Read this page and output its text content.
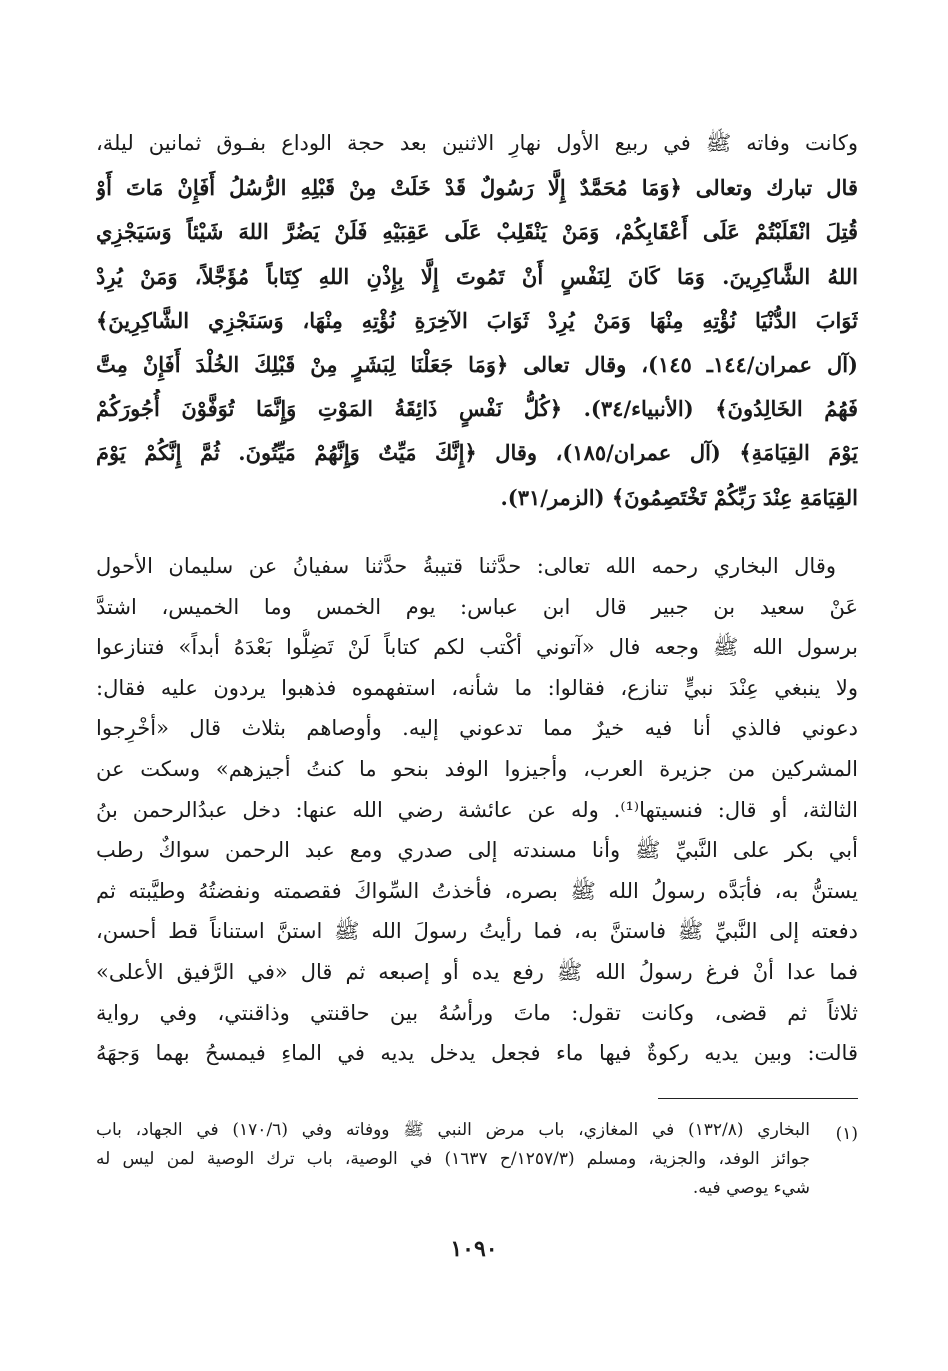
وكانت وفاته ﷺ في ربيع الأول نهارِ الاثنين بعد حجة الوداع بفـوق ثمانين ليلة،
قال تبارك وتعالى ﴿وَمَا مُحَمَّدٌ إِلَّا رَسُولٌ قَدْ خَلَتْ مِنْ قَبْلِهِ الرُّسُلُ أَفَإِنْ مَاتَ أَوْ
قُتِلَ انْقَلَبْتُمْ عَلَى أَعْقَابِكُمْ، وَمَنْ يَنْقَلِبْ عَلَى عَقِبَيْهِ فَلَنْ يَضُرَّ اللهَ شَيْئاً وَسَيَجْزِي
اللهُ الشَّاكِرِينَ. وَمَا كَانَ لِنَفْسٍ أَنْ تَمُوتَ إِلَّا بِإِذْنِ اللهِ كِتَاباً مُؤَجَّلاً، وَمَنْ يُرِدْ
ثَوَابَ الدُّنْيَا نُؤْتِهِ مِنْهَا وَمَنْ يُرِدْ ثَوَابَ الآخِرَةِ نُؤْتِهِ مِنْهَا، وَسَنَجْزِي الشَّاكِرِينَ﴾
(آل عمران/١٤٤ـ ١٤٥)، وقال تعالى ﴿وَمَا جَعَلْنَا لِبَشَرٍ مِنْ قَبْلِكَ الخُلْدَ أَفَإِنْ مِتَّ
فَهُمُ الخَالِدُونَ﴾ (الأنبياء/٣٤). ﴿كُلُّ نَفْسٍ ذَائِقَةُ المَوْتِ وَإِنَّمَا تُوَفَّوْنَ أُجُورَكُمْ
يَوْمَ القِيَامَةِ﴾ (آل عمران/١٨٥)، وقال ﴿إِنَّكَ مَيِّتٌ وَإِنَّهُمْ مَيِّتُونَ. ثُمَّ إِنَّكُمْ يَوْمَ
القِيَامَةِ عِنْدَ رَبِّكُمْ تَخْتَصِمُونَ﴾ (الزمر/٣١).
وقال البخاري رحمه الله تعالى: حدَّثنا قتيبةُ حدَّثنا سفيانُ عن سليمان الأحول
عَنْ سعيد بن جبير قال ابن عباس: يوم الخمس وما الخميس، اشتدَّ
برسول الله ﷺ وجعه فال «آتوني أكْتب لكم كتاباً لَنْ تَضِلُّوا بَعْدَهُ أبداً» فتنازعوا
ولا ينبغي عِنْدَ نبيٍّ تنازع، فقالوا: ما شأنه، استفهموه فذهبوا يردون عليه فقال:
دعوني فالذي أنا فيه خيرٌ مما تدعوني إليه. وأوصاهم بثلاث قال «أخْرِجوا
المشركين من جزيرة العرب، وأجيزوا الوفد بنحو ما كنتُ أجيزهم» وسكت عن
الثالثة، أو قال: فنسيتها⁽¹⁾. وله عن عائشة رضي الله عنها: دخل عبدُالرحمن بنُ
أبي بكر على النَّبيِّ ﷺ وأنا مسندته إلى صدري ومع عبد الرحمن سواكٌ رطب
يستنُّ به، فأبَدَّه رسولُ الله ﷺ بصره، فأخذتُ السِّواكَ فقصمته ونفضتُهُ وطيَّبته ثم
دفعته إلى النَّبيِّ ﷺ فاستنَّ به، فما رأيتُ رسولَ الله ﷺ استنَّ استناناً قط أحسن،
فما عدا أنْ فرغ رسولُ الله ﷺ رفع يده أو إصبعه ثم قال «في الرَّفيق الأعلى»
ثلاثاً ثم قضى، وكانت تقول: ماتَ ورأسُهُ بين حاقنتي وذاقنتي، وفي رواية
قالت: وبين يديه ركوةٌ فيها ماء فجعل يدخل يديه في الماءِ فيمسحُ بهما وَجهَهُ
(١)
البخاري (١٣٢/٨) في المغازي، باب مرض النبي ﷺ ووفاته وفي (١٧٠/٦) في الجهاد، باب
جوائز الوفد، والجزية، ومسلم (١٢٥٧/٣/ح ١٦٣٧) في الوصية، باب ترك الوصية لمن ليس له
شيء يوصي فيه.
١٠٩٠
